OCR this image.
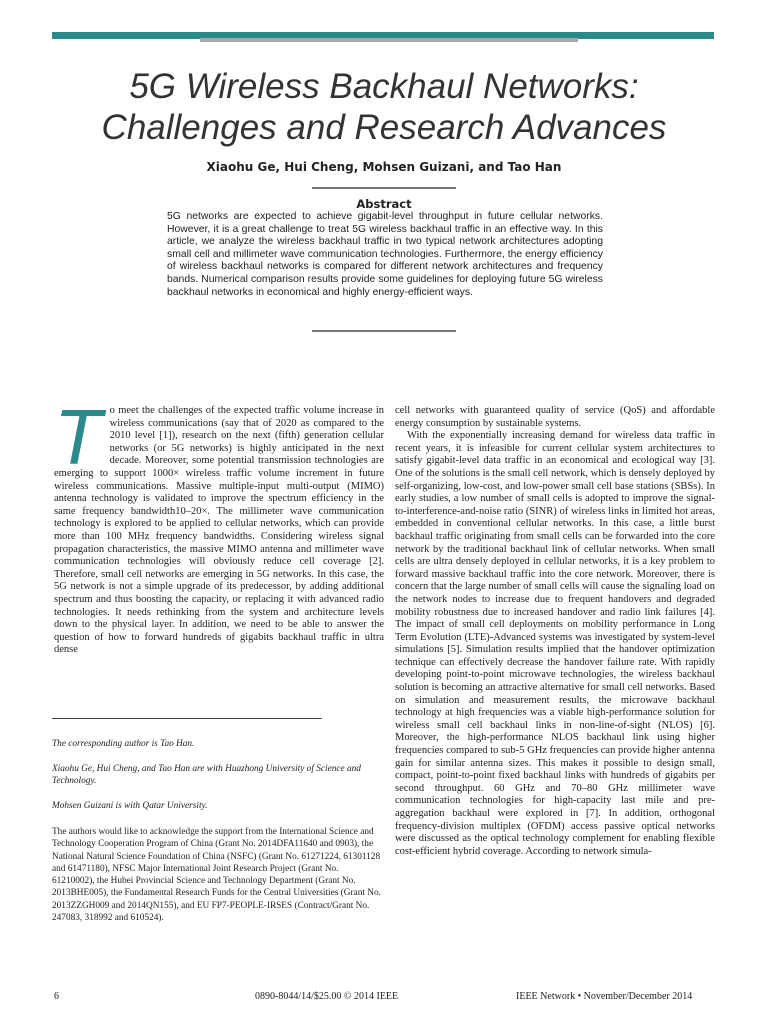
5G Wireless Backhaul Networks:
Challenges and Research Advances
Xiaohu Ge, Hui Cheng, Mohsen Guizani, and Tao Han
Abstract

5G networks are expected to achieve gigabit-level throughput in future cellular networks. However, it is a great challenge to treat 5G wireless backhaul traffic in an effective way. In this article, we analyze the wireless backhaul traffic in two typical network architectures adopting small cell and millimeter wave communication technologies. Furthermore, the energy efficiency of wireless backhaul networks is compared for different network architectures and frequency bands. Numerical comparison results provide some guidelines for deploying future 5G wireless backhaul networks in economical and highly energy-efficient ways.

T o meet the challenges of the expected traffic volume increase in wireless communications (say that of 2020 as compared to the 2010 level [1]), research on the next (fifth) generation cellular networks (or 5G networks) is highly anticipated in the next decade. Moreover, some potential transmission technologies are emerging to support 1000× wireless traffic volume increment in future wireless communications. Massive multiple-input multi-output (MIMO) antenna technology is validated to improve the spectrum efficiency in the same frequency bandwidth10–20×. The millimeter wave communication technology is explored to be applied to cellular networks, which can provide more than 100 MHz frequency bandwidths. Considering wireless signal propagation characteristics, the massive MIMO antenna and millimeter wave communication technologies will obviously reduce cell coverage [2]. Therefore, small cell networks are emerging in 5G networks. In this case, the 5G network is not a simple upgrade of its predecessor, by adding additional spectrum and thus boosting the capacity, or replacing it with advanced radio technologies. It needs rethinking from the system and architecture levels down to the physical layer. In addition, we need to be able to answer the question of how to forward hundreds of gigabits backhaul traffic in ultra dense

The corresponding author is Tao Han.

Xiaohu Ge, Hui Cheng, and Tao Han are with Huazhong University of Science and Technology.

Mohsen Guizani is with Qatar University.

The authors would like to acknowledge the support from the International Science and Technology Cooperation Program of China (Grant No. 2014DFA11640 and 0903), the National Natural Science Foundation of China (NSFC) (Grant No. 61271224, 61301128 and 61471180), NFSC Major International Joint Research Project (Grant No. 61210002), the Hubei Provincial Science and Technology Department (Grant No. 2013BHE005), the Fundamental Research Funds for the Central Universities (Grant No. 2013ZZGH009 and 2014QN155), and EU FP7-PEOPLE-IRSES (Contract/Grant No. 247083, 318992 and 610524).

cell networks with guaranteed quality of service (QoS) and affordable energy consumption by sustainable systems.
With the exponentially increasing demand for wireless data traffic in recent years, it is infeasible for current cellular system architectures to satisfy gigabit-level data traffic in an economical and ecological way [3]. One of the solutions is the small cell network, which is densely deployed by self-organizing, low-cost, and low-power small cell base stations (SBSs). In early studies, a low number of small cells is adopted to improve the signal-to-interference-and-noise ratio (SINR) of wireless links in limited hot areas, embedded in conventional cellular networks. In this case, a little burst backhaul traffic originating from small cells can be forwarded into the core network by the traditional backhaul link of cellular networks. When small cells are ultra densely deployed in cellular networks, it is a key problem to forward massive backhaul traffic into the core network. Moreover, there is concern that the large number of small cells will cause the signaling load on the network nodes to increase due to frequent handovers and degraded mobility robustness due to increased handover and radio link failures [4]. The impact of small cell deployments on mobility performance in Long Term Evolution (LTE)-Advanced systems was investigated by system-level simulations [5]. Simulation results implied that the handover optimization technique can effectively decrease the handover failure rate. With rapidly developing point-to-point microwave technologies, the wireless backhaul solution is becoming an attractive alternative for small cell networks. Based on simulation and measurement results, the microwave backhaul technology at high frequencies was a viable high-performance solution for wireless small cell backhaul links in non-line-of-sight (NLOS) [6]. Moreover, the high-performance NLOS backhaul link using higher frequencies compared to sub-5 GHz frequencies can provide higher antenna gain for similar antenna sizes. This makes it possible to design small, compact, point-to-point fixed backhaul links with hundreds of gigabits per second throughput. 60 GHz and 70–80 GHz millimeter wave communication technologies for high-capacity last mile and pre-aggregation backhaul were explored in [7]. In addition, orthogonal frequency-division multiplex (OFDM) access passive optical networks were discussed as the optical technology complement for enabling flexible cost-efficient hybrid coverage. According to network simula-
6	0890-8044/14/$25.00 © 2014 IEEE	IEEE Network • November/December 2014
